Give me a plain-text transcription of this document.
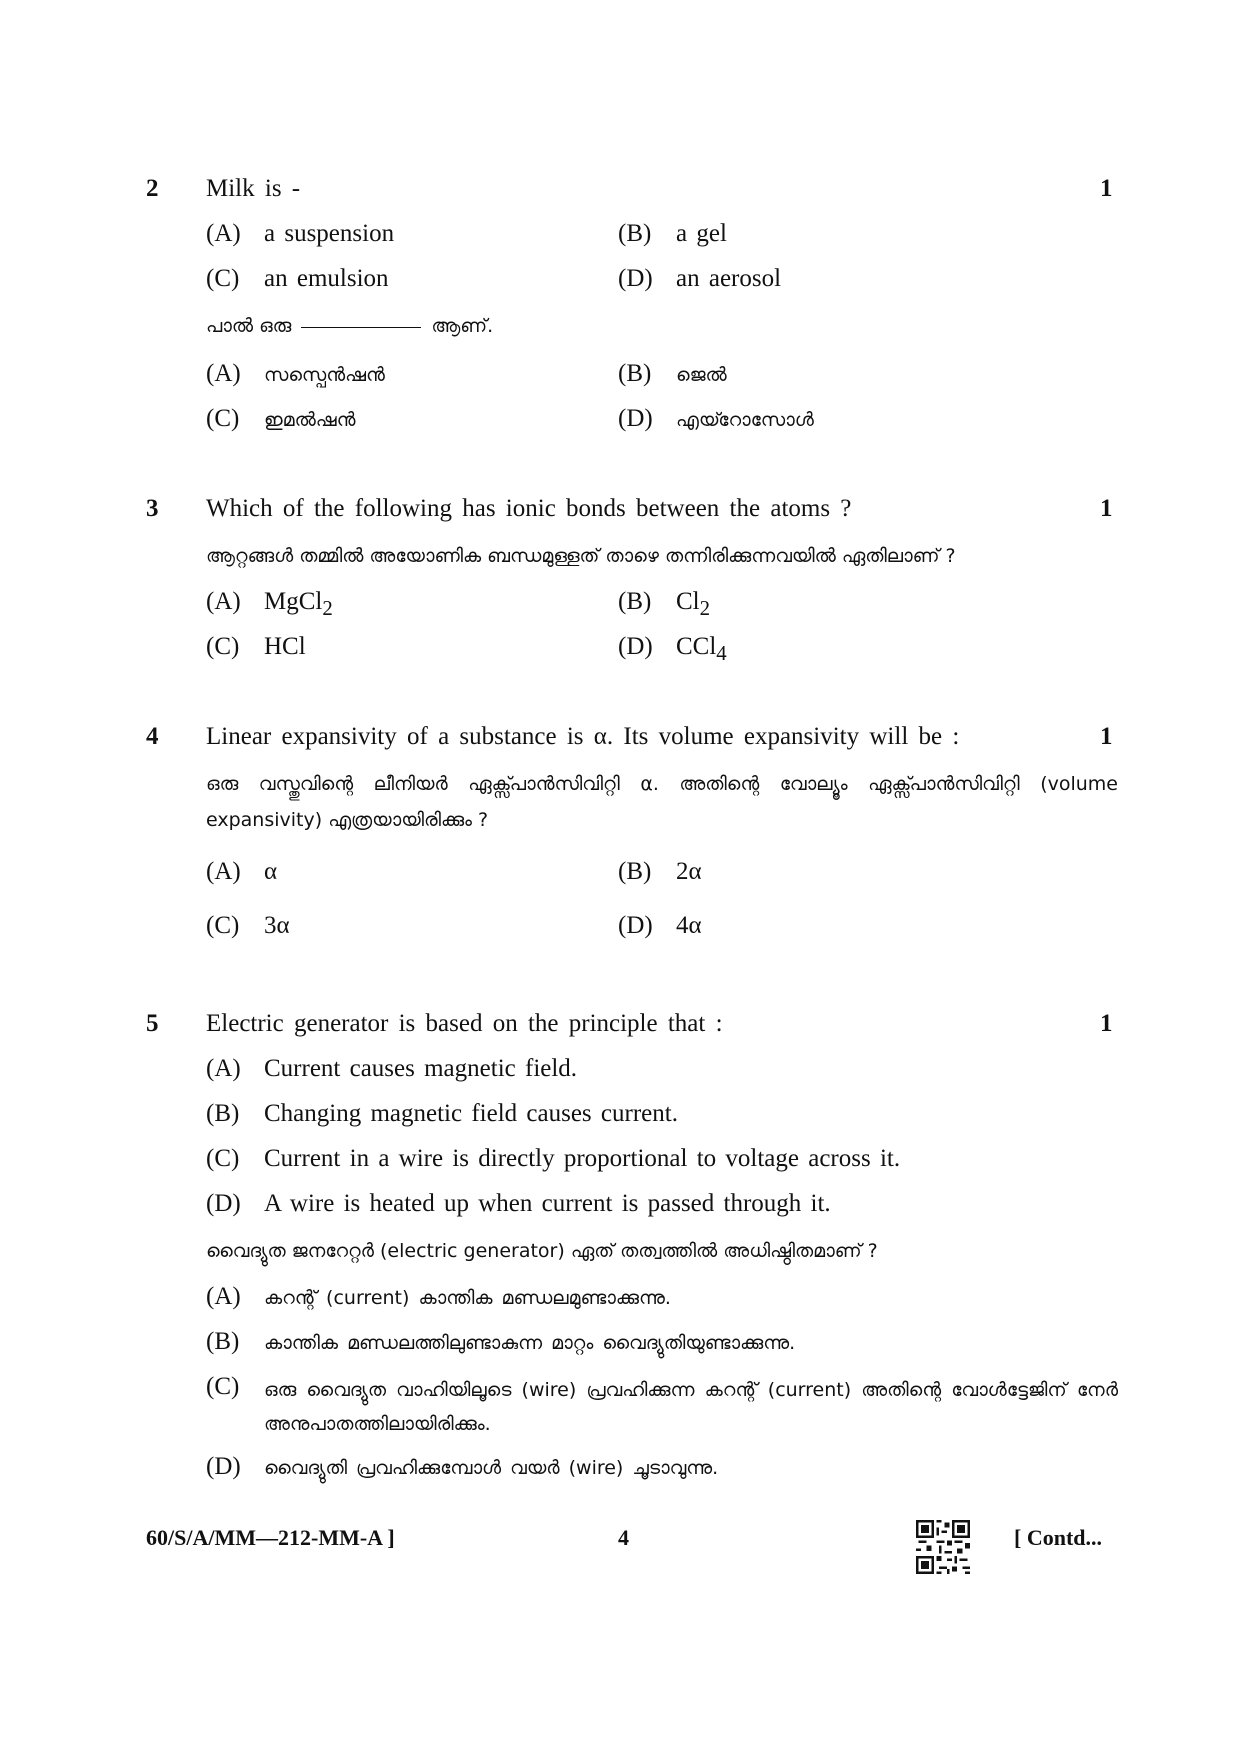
2 Milk is -	1
(A) a suspension	(B) a gel
(C) an emulsion	(D) an aerosol
പാൽ ഒരു	ആണ്.
(A) സസ്പെൻഷൻ	(B) ജെൽ
(C) ഇമൽഷൻ	(D) എയ്റോസോൾ
3 Which of the following has ionic bonds between the atoms ?	1
ആറ്റങ്ങൾ തമ്മിൽ അയോണിക ബന്ധമുള്ളത് താഴെ തന്നിരിക്കുന്നവയിൽ ഏതിലാണ് ?
(A) MgCl$_2$	(B) $Cl_2$
(C) HCl	(D) CCl$_4$
4 Linear expansivity of a substance is α. Its volume expansivity will be :	1
ഒരു വസ്തുവിന്റെ ലീനിയർ ഏക്സ്പാൻസിവിറ്റി α. അതിന്റെ വോല്യൂം ഏക്സ്പാൻസിവിറ്റി (volume expansivity) എത്രയായിരിക്കും ?
(A) α	(B) 2α
(C) 3α	(D) 4α
5 Electric generator is based on the principle that :	1
(A) Current causes magnetic field.
(B) Changing magnetic field causes current.
(C) Current in a wire is directly proportional to voltage across it.
(D) A wire is heated up when current is passed through it.
വൈദ്യുത ജനറേറ്റർ (electric generator) ഏത് തത്വത്തിൽ അധിഷ്ഠിതമാണ് ?
(A) കറന്റ് (current) കാന്തിക മണ്ഡലമുണ്ടാക്കുന്നു.
(B) കാന്തിക മണ്ഡലത്തിലുണ്ടാകുന്ന മാറ്റം വൈദ്യുതിയുണ്ടാക്കുന്നു.
(C) ഒരു വൈദ്യുത വാഹിയിലൂടെ (wire) പ്രവഹിക്കുന്ന കറന്റ് (current) അതിന്റെ വോൾട്ടേജിന് നേർ അനുപാതത്തിലായിരിക്കും.
(D) വൈദ്യുതി പ്രവഹിക്കുമ്പോൾ വയർ (wire) ചൂടാവുന്നു.
60/S/A/MM—212-MM-A ]	4	[ Contd...
